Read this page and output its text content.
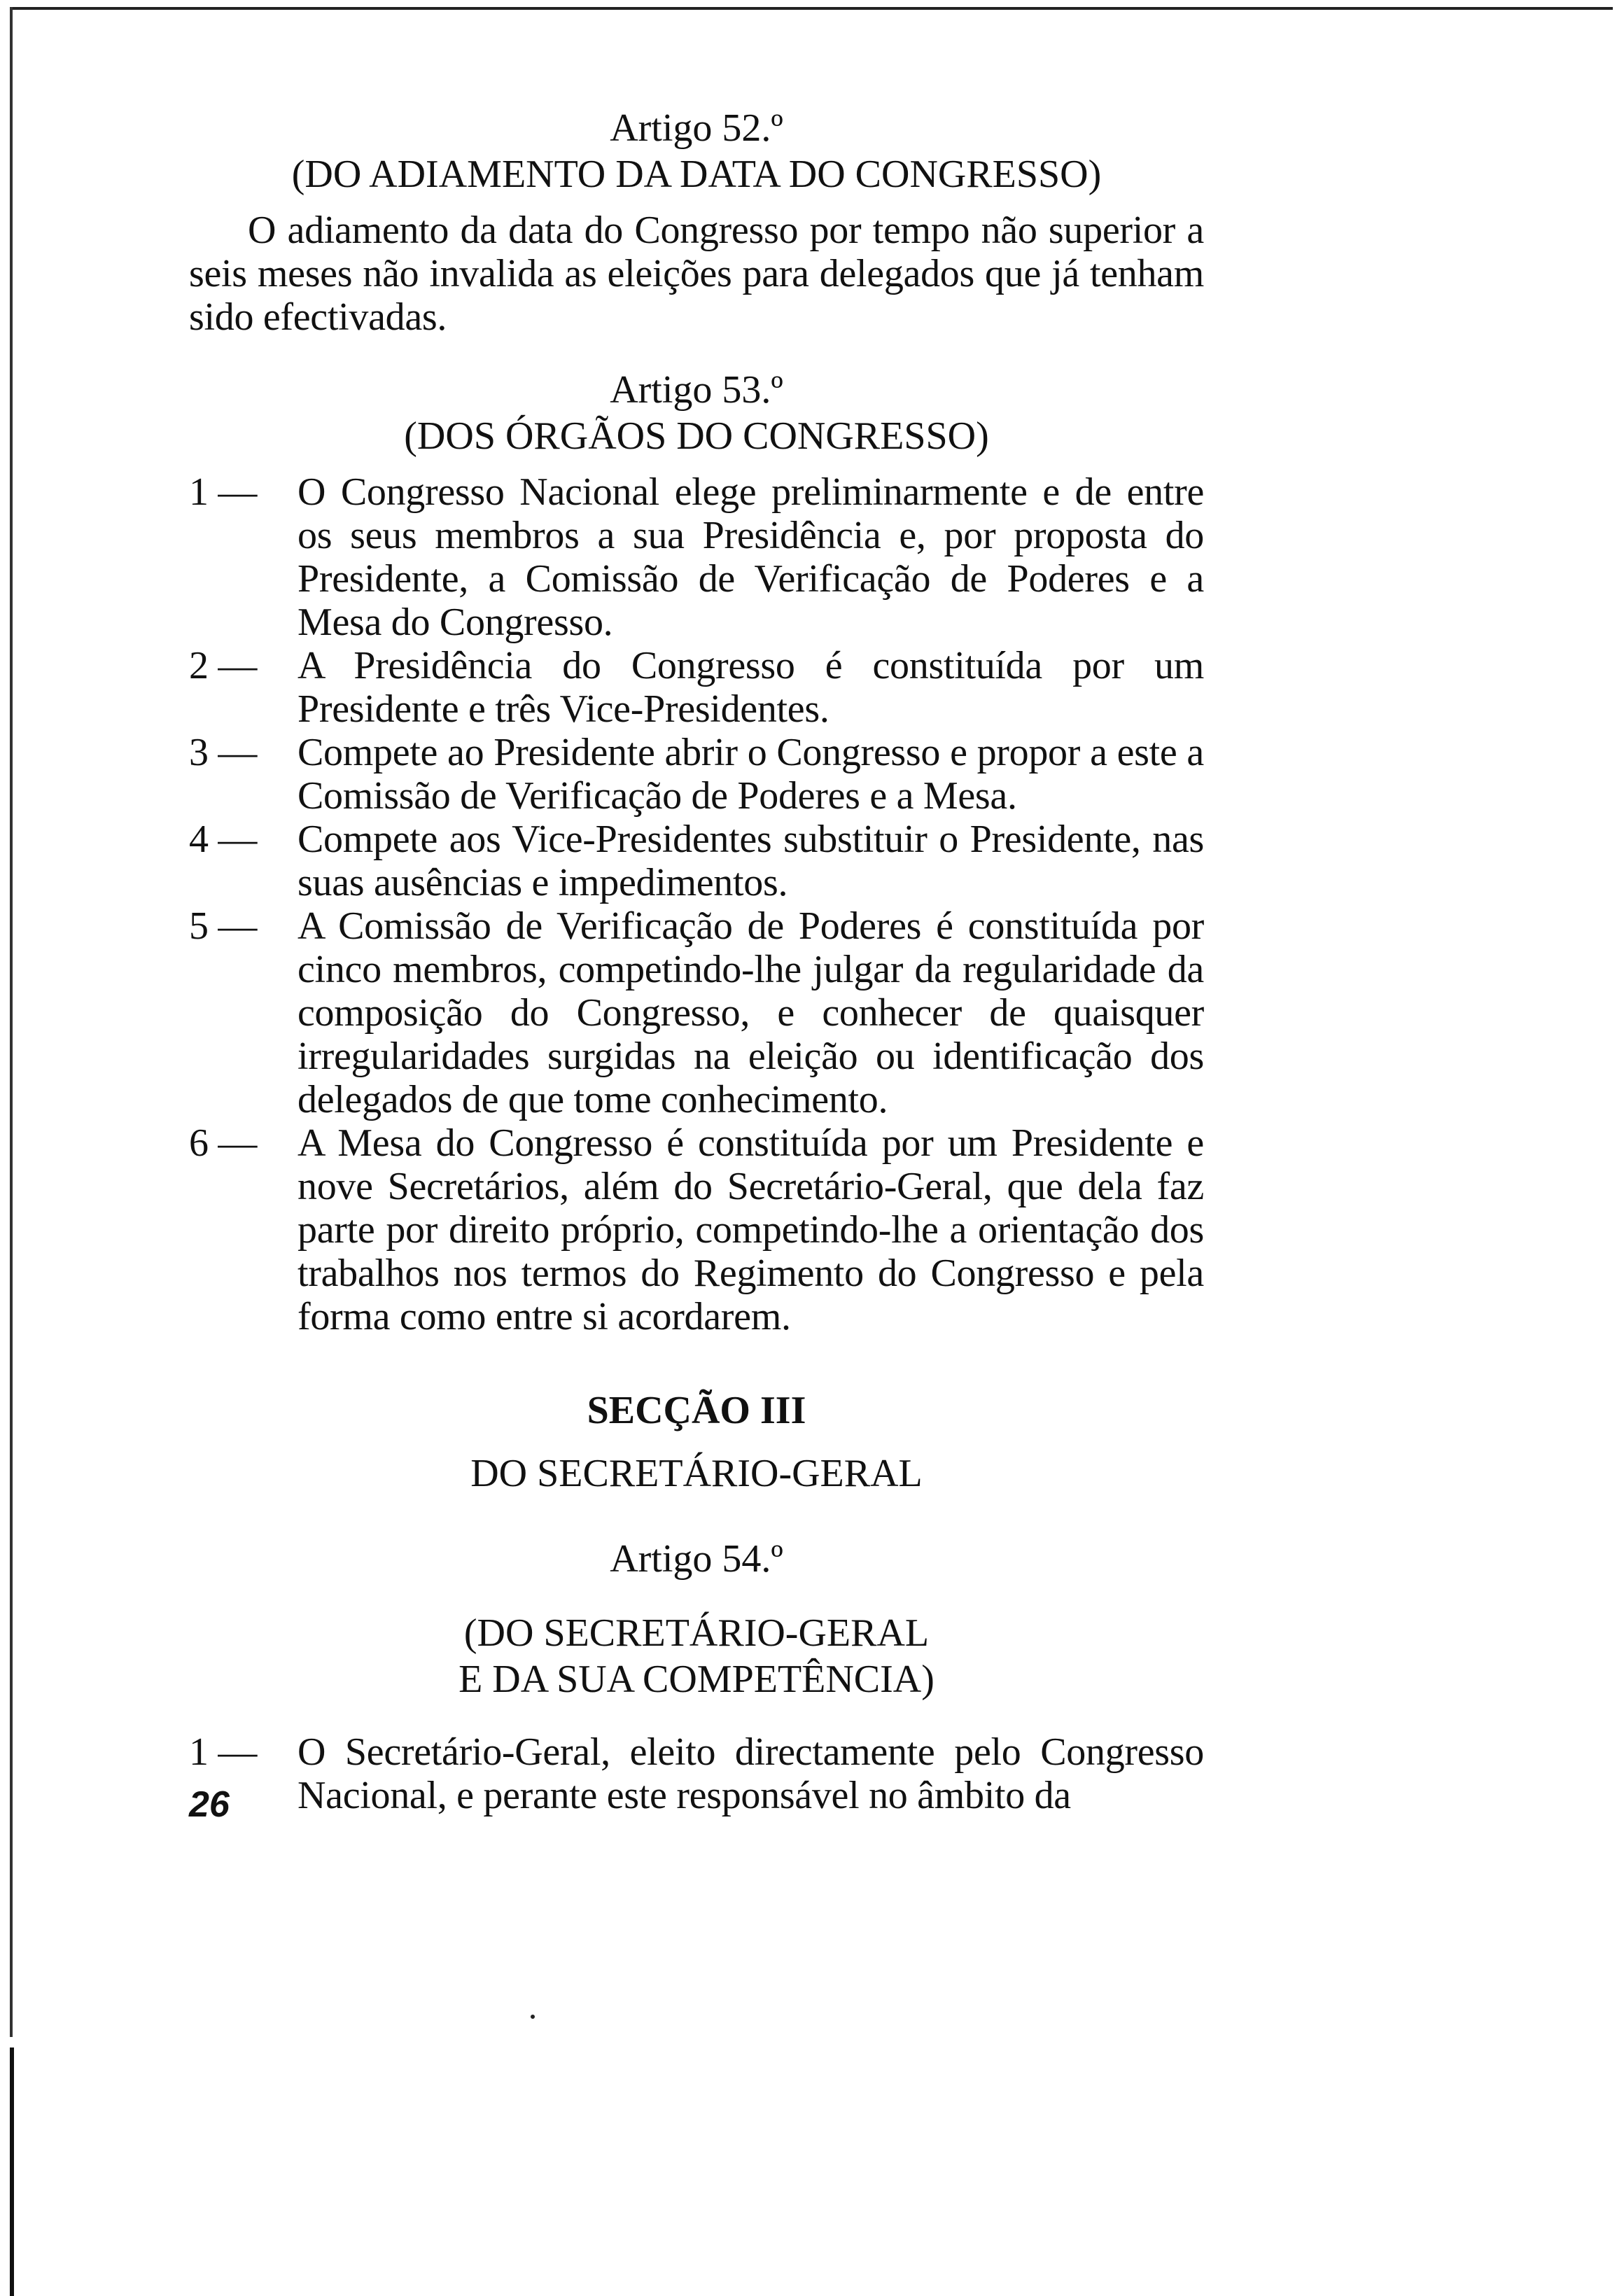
Artigo 52.º
(DO ADIAMENTO DA DATA DO CONGRESSO)

O adiamento da data do Congresso por tempo não superior a seis meses não invalida as eleições para delegados que já tenham sido efectivadas.

Artigo 53.º
(DOS ÓRGÃOS DO CONGRESSO)
1 —	O Congresso Nacional elege preliminarmente e de entre os seus membros a sua Presidência e, por proposta do Presidente, a Comissão de Verificação de Poderes e a Mesa do Congresso.
2 —	A Presidência do Congresso é constituída por um Presidente e três Vice-Presidentes.
3 —	Compete ao Presidente abrir o Congresso e propor a este a Comissão de Verificação de Poderes e a Mesa.
4 —	Compete aos Vice-Presidentes substituir o Presidente, nas suas ausências e impedimentos.
5 —	A Comissão de Verificação de Poderes é constituída por cinco membros, competindo-lhe julgar da regularidade da composição do Congresso, e conhecer de quaisquer irregularidades surgidas na eleição ou identificação dos delegados de que tome conhecimento.
6 —	A Mesa do Congresso é constituída por um Presidente e nove Secretários, além do Secretário-Geral, que dela faz parte por direito próprio, competindo-lhe a orientação dos trabalhos nos termos do Regimento do Congresso e pela forma como entre si acordarem.
SECÇÃO III
DO SECRETÁRIO-GERAL
Artigo 54.º
(DO SECRETÁRIO-GERAL
E DA SUA COMPETÊNCIA)
1 —	O Secretário-Geral, eleito directamente pelo Congresso Nacional, e perante este responsável no âmbito da
26
